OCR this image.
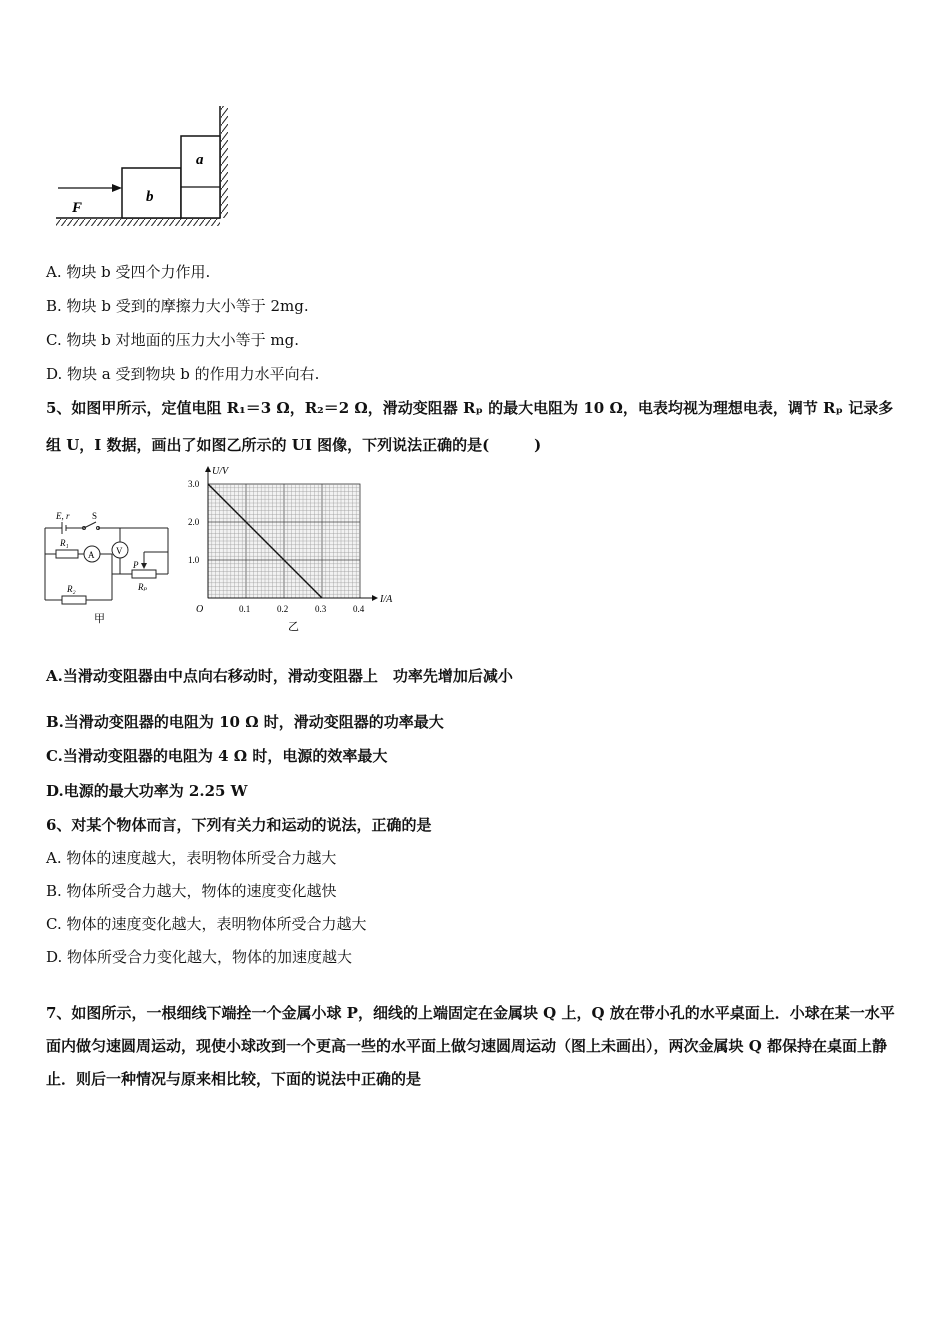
b
a
F
A. 物块 b 受四个力作用.
B. 物块 b 受到的摩擦力大小等于 2mg.
C. 物块 b 对地面的压力大小等于 mg.
D. 物块 a 受到物块 b 的作用力水平向右.
5、如图甲所示，定值电阻 R₁＝3 Ω，R₂＝2 Ω，滑动变阻器 Rₚ 的最大电阻为 10 Ω，电表均视为理想电表，调节 Rₚ 记录多
组 U，I 数据，画出了如图乙所示的 UI 图像，下列说法正确的是(　　　)
E, r	S
R₁
A V
P
Rₚ
R₂
甲
I/A
U/V
O
乙
0.1	0.2	0.3	0.4
1.0
2.0
3.0
A.当滑动变阻器由中点向右移动时，滑动变阻器上　功率先增加后减小
B.当滑动变阻器的电阻为 10 Ω 时，滑动变阻器的功率最大
C.当滑动变阻器的电阻为 4 Ω 时，电源的效率最大
D.电源的最大功率为 2.25 W
6、对某个物体而言，下列有关力和运动的说法，正确的是
A. 物体的速度越大，表明物体所受合力越大
B. 物体所受合力越大，物体的速度变化越快
C. 物体的速度变化越大，表明物体所受合力越大
D. 物体所受合力变化越大，物体的加速度越大
7、如图所示，一根细线下端拴一个金属小球 P，细线的上端固定在金属块 Q 上，Q 放在带小孔的水平桌面上．小球在某一水平面内做匀速圆周运动，现使小球改到一个更高一些的水平面上做匀速圆周运动（图上未画出），两次金属块 Q 都保持在桌面上静止．则后一种情况与原来相比较，下面的说法中正确的是
